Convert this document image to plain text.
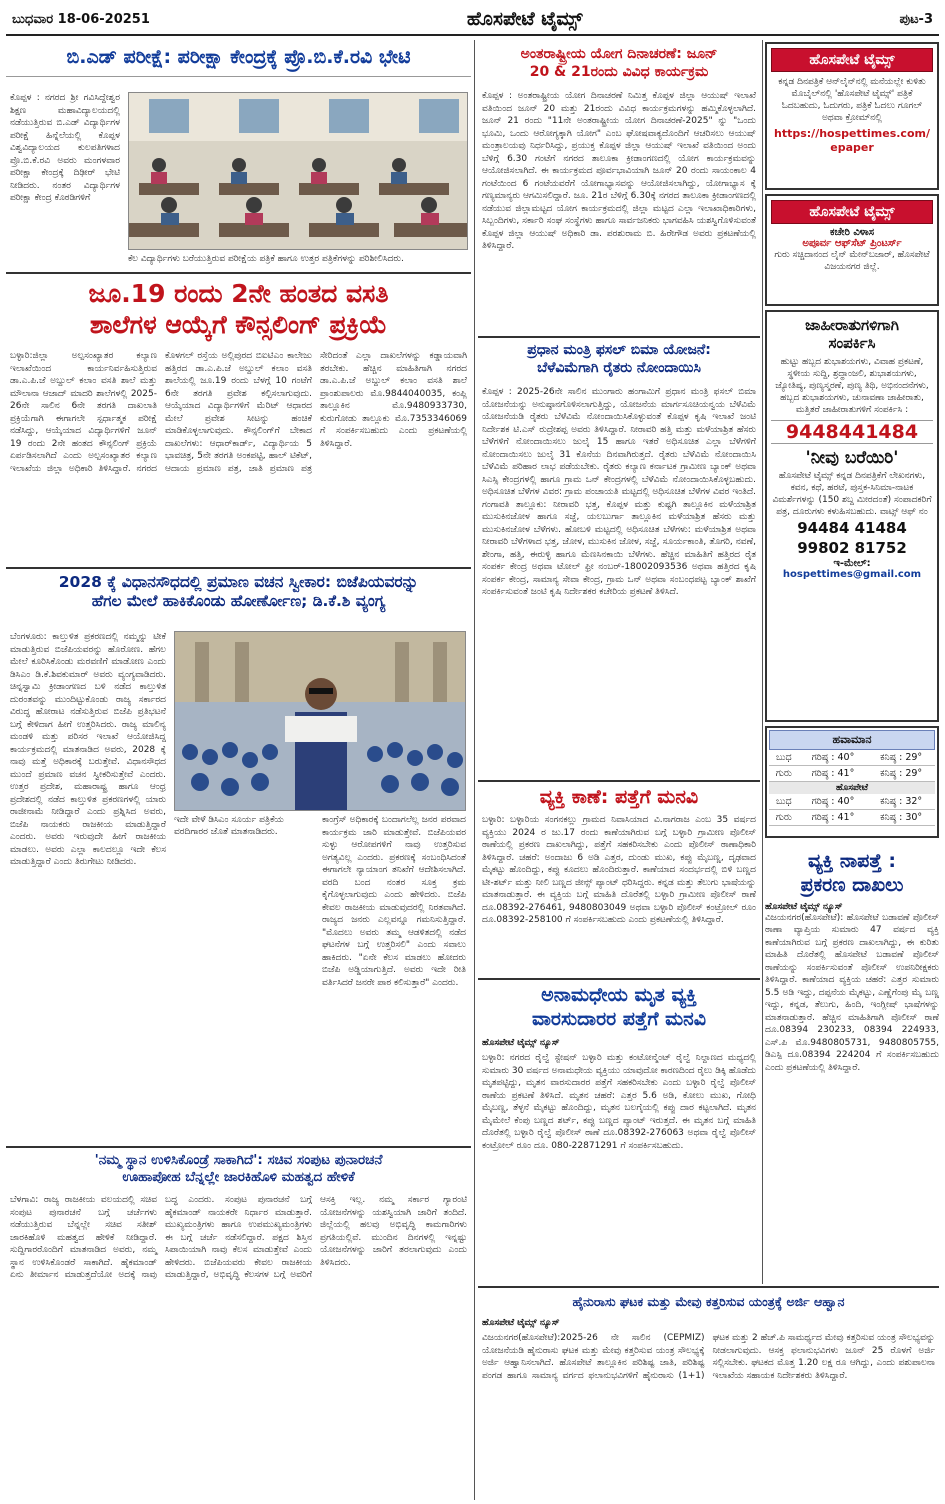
ಬುಧವಾರ 18-06-20251	ಹೊಸಪೇಟೆ ಟೈಮ್ಸ್	ಪುಟ-3
ಬಿ.ಎಡ್ ಪರೀಕ್ಷೆ: ಪರೀಕ್ಷಾ ಕೇಂದ್ರಕ್ಕೆ ಪ್ರೊ.ಬಿ.ಕೆ.ರವಿ ಭೇಟಿ
ಕೊಪ್ಪಳ : ನಗರದ ಶ್ರೀ ಗವಿಸಿದ್ದೇಶ್ವರ ಶಿಕ್ಷಣ ಮಹಾವಿದ್ಯಾಲಯದಲ್ಲಿ ನಡೆಯುತ್ತಿರುವ ಬಿ.ಎಡ್ ವಿದ್ಯಾರ್ಥಿಗಳ ಪರೀಕ್ಷೆ ಹಿನ್ನೆಲೆಯಲ್ಲಿ ಕೊಪ್ಪಳ ವಿಶ್ವವಿದ್ಯಾಲಯದ ಕುಲಪತಿಗಳಾದ ಪ್ರೊ.ಬಿ.ಕೆ.ರವಿ ಅವರು ಮಂಗಳವಾರ ಪರೀಕ್ಷಾ ಕೇಂದ್ರಕ್ಕೆ ದಿಢೀರ್ ಭೇಟಿ ನೀಡಿದರು. ನಂತರ ವಿದ್ಯಾರ್ಥಿಗಳ ಪರೀಕ್ಷಾ ಕೇಂದ್ರ ಕೊಠಡಿಗಳಿಗೆ
ಕೆಲ ವಿದ್ಯಾರ್ಥಿಗಳು ಬರೆಯುತ್ತಿರುವ ಪರೀಕ್ಷೆಯ ಪತ್ರಿಕೆ ಹಾಗೂ ಉತ್ತರ ಪತ್ರಿಕೆಗಳನ್ನು ಪರಿಶೀಲಿಸಿದರು.
ಜೂ.19 ರಂದು 2ನೇ ಹಂತದ ವಸತಿ
ಶಾಲೆಗಳ ಆಯ್ಕೆಗೆ ಕೌನ್ಸಲಿಂಗ್ ಪ್ರಕ್ರಿಯೆ
ಬಳ್ಳಾರಿ:ಜಿಲ್ಲಾ ಅಲ್ಪಸಂಖ್ಯಾತರ ಕಲ್ಯಾಣ ಇಲಾಖೆಯಿಂದ ಕಾರ್ಯನಿರ್ವಹಿಸುತ್ತಿರುವ ಡಾ.ಎ.ಪಿ.ಜೆ ಅಬ್ದುಲ್ ಕಲಾಂ ವಸತಿ ಶಾಲೆ ಮತ್ತು ಮೌಲಾನಾ ಆಜಾದ್ ಮಾದರಿ ಶಾಲೆಗಳಲ್ಲಿ 2025-26ನೇ ಸಾಲಿನ 6ನೇ ತರಗತಿ ದಾಖಲಾತಿ ಪ್ರಕ್ರಿಯೆಗಾಗಿ ಈಗಾಗಲೇ ಸ್ಪರ್ಧಾತ್ಮಕ ಪರೀಕ್ಷೆ ನಡೆಸಿದ್ದು, ಆಯ್ಕೆಯಾದ ವಿದ್ಯಾರ್ಥಿಗಳಿಗೆ ಜೂನ್ 19 ರಂದು 2ನೇ ಹಂತದ ಕೌನ್ಸಲಿಂಗ್ ಪ್ರಕ್ರಿಯೆ ಏರ್ಪಡಿಸಲಾಗಿದೆ ಎಂದು ಅಲ್ಪಸಂಖ್ಯಾತರ ಕಲ್ಯಾಣ ಇಲಾಖೆಯ ಜಿಲ್ಲಾ ಅಧಿಕಾರಿ ತಿಳಿಸಿದ್ದಾರೆ. ನಗರದ ಕೊಳಗಲ್ ರಸ್ತೆಯ ಅಲ್ಲಿಪುರದ ಬಿಐಟಿಎಂ ಕಾಲೇಜು ಹತ್ತಿರದ ಡಾ.ಎ.ಪಿ.ಜೆ ಅಬ್ದುಲ್ ಕಲಾಂ ವಸತಿ ಶಾಲೆಯಲ್ಲಿ ಜೂ.19 ರಂದು ಬೆಳಗ್ಗೆ 10 ಗಂಟೆಗೆ 6ನೇ ತರಗತಿ ಪ್ರವೇಶ ಕಲ್ಪಿಸಲಾಗುವುದು. ಆಯ್ಕೆಯಾದ ವಿದ್ಯಾರ್ಥಿಗಳಿಗೆ ಮೆರಿಟ್ ಆಧಾರದ ಮೇಲೆ ಪ್ರವೇಶ ಸೀಟನ್ನು ಹಂಚಿಕೆ ಮಾಡಿಕೊಳ್ಳಲಾಗುವುದು. ಕೌನ್ಸಲಿಂಗ್‌ಗೆ ಬೇಕಾದ ದಾಖಲೆಗಳು: ಆಧಾರ್‌ಕಾರ್ಡ್, ವಿದ್ಯಾರ್ಥಿಯ 5 ಭಾವಚಿತ್ರ, 5ನೇ ತರಗತಿ ಅಂಕಪಟ್ಟಿ, ಹಾಲ್ ಟಿಕೆಟ್, ಆದಾಯ ಪ್ರಮಾಣ ಪತ್ರ, ಜಾತಿ ಪ್ರಮಾಣ ಪತ್ರ ಸೇರಿದಂತೆ ಎಲ್ಲಾ ದಾಖಲೆಗಳನ್ನು ಕಡ್ಡಾಯವಾಗಿ ತರಬೇಕು. ಹೆಚ್ಚಿನ ಮಾಹಿತಿಗಾಗಿ ನಗರದ ಡಾ.ಎ.ಪಿ.ಜೆ ಅಬ್ದುಲ್ ಕಲಾಂ ವಸತಿ ಶಾಲೆ ಪ್ರಾಂಶುಪಾಲರು ಮೊ.9844040035, ಕಂಪ್ಲಿ ತಾಲ್ಲೂಕಿನ ಮೊ.9480933730, ಕುರುಗೋಡು ತಾಲ್ಲೂಕು ಮೊ.7353346069 ಗೆ ಸಂಪರ್ಕಿಸಬಹುದು ಎಂದು ಪ್ರಕಟಣೆಯಲ್ಲಿ ತಿಳಿಸಿದ್ದಾರೆ.
2028 ಕ್ಕೆ ವಿಧಾನಸೌಧದಲ್ಲಿ ಪ್ರಮಾಣ ವಚನ ಸ್ವೀಕಾರ: ಬಿಜೆಪಿಯವರನ್ನು
ಹೆಗಲ ಮೇಲೆ ಹಾಕಿಕೊಂಡು ಹೋರ್ಣೋಣ; ಡಿ.ಕೆ.ಶಿ ವ್ಯಂಗ್ಯ
ಬೆಂಗಳೂರು: ಕಾಲ್ತುಳಿತ ಪ್ರಕರಣದಲ್ಲಿ ನಮ್ಮನ್ನು ಟೀಕೆ ಮಾಡುತ್ತಿರುವ ಬಿಜೆಪಿಯವರನ್ನು ಹೊರೋಣ. ಹೆಗಲ ಮೇಲೆ ಕೂರಿಸಿಕೊಂಡು ಮರವಣಿಗೆ ಮಾಡೋಣ ಎಂದು ಡಿಸಿಎಂ ಡಿ.ಕೆ.ಶಿವಕುಮಾರ್ ಅವರು ವ್ಯಂಗ್ಯವಾಡಿದರು. ಚಿನ್ನಸ್ವಾಮಿ ಕ್ರೀಡಾಂಗಣದ ಬಳಿ ನಡೆದ ಕಾಲ್ತುಳಿತ ದುರಂತವನ್ನು ಮುಂದಿಟ್ಟುಕೊಂಡು ರಾಜ್ಯ ಸರ್ಕಾರದ ವಿರುದ್ಧ ಹೋರಾಟ ನಡೆಸುತ್ತಿರುವ ಬಿಜೆಪಿ ಪ್ರತಿಭಟನೆ ಬಗ್ಗೆ ಕೇಳಿದಾಗ ಹೀಗೆ ಉತ್ತರಿಸಿದರು. ರಾಜ್ಯ ಮಾಲಿನ್ಯ ಮಂಡಳಿ ಮತ್ತು ಪರಿಸರ ಇಲಾಖೆ ಆಯೋಜಿಸಿದ್ದ ಕಾರ್ಯಕ್ರಮದಲ್ಲಿ ಮಾತನಾಡಿದ ಅವರು, 2028 ಕ್ಕೆ ನಾವು ಮತ್ತೆ ಅಧಿಕಾರಕ್ಕೆ ಬರುತ್ತೇವೆ. ವಿಧಾನಸೌಧದ ಮುಂದೆ ಪ್ರಮಾಣ ವಚನ ಸ್ವೀಕರಿಸುತ್ತೇವೆ ಎಂದರು. ಉತ್ತರ ಪ್ರದೇಶ, ಮಹಾರಾಷ್ಟ್ರ ಹಾಗೂ ಆಂಧ್ರ ಪ್ರದೇಶದಲ್ಲಿ ನಡೆದ ಕಾಲ್ತುಳಿತ ಪ್ರಕರಣಗಳಲ್ಲಿ ಯಾರು ರಾಜೀನಾಮೆ ನೀಡಿದ್ದಾರೆ ಎಂದು ಪ್ರಶ್ನಿಸಿದ ಅವರು, ಬಿಜೆಪಿ ನಾಯಕರು ರಾಜಕೀಯ ಮಾಡುತ್ತಿದ್ದಾರೆ ಎಂದರು. ಅವರು ಇರುವುದೇ ಹೀಗೆ ರಾಜಕೀಯ ಮಾಡಲು. ಅವರು ಎಲ್ಲಾ ಕಾಲದಲ್ಲೂ ಇದೇ ಕೆಲಸ ಮಾಡುತ್ತಿದ್ದಾರೆ ಎಂದು ತಿರುಗೇಟು ನೀಡಿದರು.
ಇದೇ ವೇಳೆ ಡಿಸಿಎಂ ಸೂರ್ಯ ಪತ್ರಿಕೆಯ ವರದಿಗಾರರ ಜೊತೆ ಮಾತನಾಡಿದರು.
ಕಾಂಗ್ರೆಸ್ ಅಧಿಕಾರಕ್ಕೆ ಬಂದಾಗಲೆಲ್ಲ ಜನರ ಪರವಾದ ಕಾರ್ಯಕ್ರಮ ಜಾರಿ ಮಾಡುತ್ತೇವೆ. ಬಿಜೆಪಿಯವರ ಸುಳ್ಳು ಆರೋಪಗಳಿಗೆ ನಾವು ಉತ್ತರಿಸುವ ಅಗತ್ಯವಿಲ್ಲ ಎಂದರು. ಪ್ರಕರಣಕ್ಕೆ ಸಂಬಂಧಿಸಿದಂತೆ ಈಗಾಗಲೇ ನ್ಯಾಯಾಂಗ ತನಿಖೆಗೆ ಆದೇಶಿಸಲಾಗಿದೆ. ವರದಿ ಬಂದ ನಂತರ ಸೂಕ್ತ ಕ್ರಮ ಕೈಗೊಳ್ಳಲಾಗುವುದು ಎಂದು ಹೇಳಿದರು. ಬಿಜೆಪಿ ಕೇವಲ ರಾಜಕೀಯ ಮಾಡುವುದರಲ್ಲಿ ನಿರತವಾಗಿದೆ. ರಾಜ್ಯದ ಜನರು ಎಲ್ಲವನ್ನೂ ಗಮನಿಸುತ್ತಿದ್ದಾರೆ. "ಮೊದಲು ಅವರು ತಮ್ಮ ಆಡಳಿತದಲ್ಲಿ ನಡೆದ ಘಟನೆಗಳ ಬಗ್ಗೆ ಉತ್ತರಿಸಲಿ" ಎಂದು ಸವಾಲು ಹಾಕಿದರು. "ಏನೇ ಕೆಲಸ ಮಾಡಲು ಹೋದರು ಬಿಜೆಪಿ ಅಡ್ಡಿಯಾಗುತ್ತಿದೆ. ಅವರು ಇದೇ ರೀತಿ ವರ್ತಿಸಿದರೆ ಜನರೇ ಪಾಠ ಕಲಿಸುತ್ತಾರೆ" ಎಂದರು.
'ನಮ್ಮ ಸ್ಥಾನ ಉಳಿಸಿಕೊಂಡ್ರೆ ಸಾಕಾಗಿದೆ': ಸಚಿವ ಸಂಪುಟ ಪುನಾರಚನೆ
ಊಹಾಪೋಹ ಬೆನ್ನಲ್ಲೇ ಜಾರಕಿಹೊಳಿ ಮಹತ್ವದ ಹೇಳಿಕೆ
ಬೆಳಗಾವಿ: ರಾಜ್ಯ ರಾಜಕೀಯ ವಲಯದಲ್ಲಿ ಸಚಿವ ಸಂಪುಟ ಪುನಾರಚನೆ ಬಗ್ಗೆ ಚರ್ಚೆಗಳು ನಡೆಯುತ್ತಿರುವ ಬೆನ್ನಲ್ಲೇ ಸಚಿವ ಸತೀಶ್ ಜಾರಕಿಹೊಳಿ ಮಹತ್ವದ ಹೇಳಿಕೆ ನೀಡಿದ್ದಾರೆ. ಸುದ್ದಿಗಾರರೊಂದಿಗೆ ಮಾತನಾಡಿದ ಅವರು, ನಮ್ಮ ಸ್ಥಾನ ಉಳಿಸಿಕೊಂಡರೆ ಸಾಕಾಗಿದೆ. ಹೈಕಮಾಂಡ್ ಏನು ತೀರ್ಮಾನ ಮಾಡುತ್ತದೆಯೋ ಅದಕ್ಕೆ ನಾವು ಬದ್ಧ ಎಂದರು. ಸಂಪುಟ ಪುನಾರಚನೆ ಬಗ್ಗೆ ಹೈಕಮಾಂಡ್ ನಾಯಕರೇ ನಿರ್ಧಾರ ಮಾಡುತ್ತಾರೆ. ಮುಖ್ಯಮಂತ್ರಿಗಳು ಹಾಗೂ ಉಪಮುಖ್ಯಮಂತ್ರಿಗಳು ಈ ಬಗ್ಗೆ ಚರ್ಚೆ ನಡೆಸಲಿದ್ದಾರೆ. ಪಕ್ಷದ ಶಿಸ್ತಿನ ಸಿಪಾಯಿಯಾಗಿ ನಾವು ಕೆಲಸ ಮಾಡುತ್ತೇವೆ ಎಂದು ಹೇಳಿದರು. ಬಿಜೆಪಿಯವರು ಕೇವಲ ರಾಜಕೀಯ ಮಾಡುತ್ತಿದ್ದಾರೆ, ಅಭಿವೃದ್ಧಿ ಕೆಲಸಗಳ ಬಗ್ಗೆ ಅವರಿಗೆ ಆಸಕ್ತಿ ಇಲ್ಲ. ನಮ್ಮ ಸರ್ಕಾರ ಗ್ಯಾರಂಟಿ ಯೋಜನೆಗಳನ್ನು ಯಶಸ್ವಿಯಾಗಿ ಜಾರಿಗೆ ತಂದಿದೆ. ಜಿಲ್ಲೆಯಲ್ಲಿ ಹಲವು ಅಭಿವೃದ್ಧಿ ಕಾಮಗಾರಿಗಳು ಪ್ರಗತಿಯಲ್ಲಿವೆ. ಮುಂದಿನ ದಿನಗಳಲ್ಲಿ ಇನ್ನಷ್ಟು ಯೋಜನೆಗಳನ್ನು ಜಾರಿಗೆ ತರಲಾಗುವುದು ಎಂದು ತಿಳಿಸಿದರು.
ಅಂತರಾಷ್ಟ್ರೀಯ ಯೋಗ ದಿನಾಚರಣೆ: ಜೂನ್
20 & 21ರಂದು ವಿವಿಧ ಕಾರ್ಯಕ್ರಮ
ಕೊಪ್ಪಳ : ಅಂತರಾಷ್ಟ್ರೀಯ ಯೋಗ ದಿನಾಚರಣೆ ನಿಮಿತ್ತ ಕೊಪ್ಪಳ ಜಿಲ್ಲಾ ಆಯುಷ್ ಇಲಾಖೆ ವತಿಯಿಂದ ಜೂನ್ 20 ಮತ್ತು 21ರಂದು ವಿವಿಧ ಕಾರ್ಯಕ್ರಮಗಳನ್ನು ಹಮ್ಮಿಕೊಳ್ಳಲಾಗಿದೆ. ಜೂನ್ 21 ರಂದು "11ನೇ ಅಂತರಾಷ್ಟ್ರೀಯ ಯೋಗ ದಿನಾಚರಣೆ-2025" ನ್ನು "ಒಂದು ಭೂಮಿ, ಒಂದು ಆರೋಗ್ಯಕ್ಕಾಗಿ ಯೋಗ" ಎಂಬ ಘೋಷವಾಕ್ಯದೊಂದಿಗೆ ಆಚರಿಸಲು ಆಯುಷ್ ಮಂತ್ರಾಲಯವು ನಿರ್ಧರಿಸಿದ್ದು, ಪ್ರಯುಕ್ತ ಕೊಪ್ಪಳ ಜಿಲ್ಲಾ ಆಯುಷ್ ಇಲಾಖೆ ವತಿಯಿಂದ ಅಂದು ಬೆಳಿಗ್ಗೆ 6.30 ಗಂಟೆಗೆ ನಗರದ ತಾಲೂಕಾ ಕ್ರೀಡಾಂಗಣದಲ್ಲಿ ಯೋಗ ಕಾರ್ಯಕ್ರಮವನ್ನು ಆಯೋಜಿಸಲಾಗಿದೆ. ಈ ಕಾರ್ಯಕ್ರಮದ ಪೂರ್ವಭಾವಿಯಾಗಿ ಜೂನ್ 20 ರಂದು ಸಾಯಂಕಾಲ 4 ಗಂಟೆಯಿಂದ 6 ಗಂಟೆಯವರೆಗೆ ಯೋಗಾಭ್ಯಾಸವನ್ನು ಆಯೋಜಿಸಲಾಗಿದ್ದು, ಯೋಗಾಭ್ಯಾಸ ಕ್ಕೆ ಗಣ್ಯಮಾನ್ಯರು ಆಗಮಿಸಲಿದ್ದಾರೆ. ಜೂ. 21ರ ಬೆಳಿಗ್ಗೆ 6.30ಕ್ಕೆ ನಗರದ ತಾಲೂಕಾ ಕ್ರೀಡಾಂಗಣದಲ್ಲಿ ನಡೆಯುವ ಜಿಲ್ಲಾಮಟ್ಟದ ಯೋಗ ಕಾರ್ಯಕ್ರಮದಲ್ಲಿ ಜಿಲ್ಲಾ ಮಟ್ಟದ ಎಲ್ಲಾ ಇಲಾಖಾಧಿಕಾರಿಗಳು, ಸಿಬ್ಬಂದಿಗಳು, ಸರ್ಕಾರಿ ಸಂಘ ಸಂಸ್ಥೆಗಳು ಹಾಗೂ ಸಾರ್ವಜನಿಕರು ಭಾಗವಹಿಸಿ ಯಶಸ್ವಿಗೊಳಿಸುವಂತೆ ಕೊಪ್ಪಳ ಜಿಲ್ಲಾ ಆಯುಷ್ ಅಧಿಕಾರಿ ಡಾ. ಪರಶುರಾಮ ಬಿ. ಹಿರೇಗೌಡ ಅವರು ಪ್ರಕಟಣೆಯಲ್ಲಿ ತಿಳಿಸಿದ್ದಾರೆ.
ಪ್ರಧಾನ ಮಂತ್ರಿ ಫಸಲ್ ಬಿಮಾ ಯೋಜನೆ:
ಬೆಳೆವಿಮೆಗಾಗಿ ರೈತರು ನೋಂದಾಯಿಸಿ
ಕೊಪ್ಪಳ : 2025-26ನೇ ಸಾಲಿನ ಮುಂಗಾರು ಹಂಗಾಮಿಗೆ ಪ್ರಧಾನ ಮಂತ್ರಿ ಫಸಲ್ ಬಿಮಾ ಯೋಜನೆಯನ್ನು ಅನುಷ್ಠಾನಗೊಳಿಸಲಾಗುತ್ತಿದ್ದು, ಯೋಜನೆಯ ಮಾರ್ಗಸೂಚಿಯನ್ವಯ ಬೆಳೆವಿಮೆ ಯೋಜನೆಯಡಿ ರೈತರು ಬೆಳೆವಿಮೆ ನೋಂದಾಯಿಸಿಕೊಳ್ಳುವಂತೆ ಕೊಪ್ಪಳ ಕೃಷಿ ಇಲಾಖೆ ಜಂಟಿ ನಿರ್ದೇಶಕ ಟಿ.ಎಸ್ ರುದ್ರೇಶಪ್ಪ ಅವರು ತಿಳಿಸಿದ್ದಾರೆ. ನೀರಾವರಿ ಹತ್ತಿ ಮತ್ತು ಮಳೆಯಾಶ್ರಿತ ಹೆಸರು ಬೆಳೆಗಳಿಗೆ ನೋಂದಾಯಿಸಲು ಜುಲೈ 15 ಹಾಗೂ ಇತರೆ ಅಧಿಸೂಚಿತ ಎಲ್ಲಾ ಬೆಳೆಗಳಿಗೆ ನೋಂದಾಯಿಸಲು ಜುಲೈ 31 ಕೊನೆಯ ದಿನವಾಗಿರುತ್ತದೆ. ರೈತರು ಬೆಳೆವಿಮೆ ನೋಂದಾಯಿಸಿ ಬೆಳೆವಿಮೆ ಪರಿಹಾರ ಲಾಭ ಪಡೆಯಬೇಕು. ರೈತರು ಕಲ್ಯಾಣ ಕರ್ನಾಟಕ ಗ್ರಾಮೀಣ ಬ್ಯಾಂಕ್ ಅಥವಾ ಸಿಎಸ್ಸಿ ಕೇಂದ್ರಗಳಲ್ಲಿ ಹಾಗೂ ಗ್ರಾಮ ಒನ್ ಕೇಂದ್ರಗಳಲ್ಲಿ ಬೆಳೆವಿಮೆ ನೋಂದಾಯಿಸಿಕೊಳ್ಳಬಹುದು. ಅಧಿಸೂಚಿತ ಬೆಳೆಗಳ ವಿವರ: ಗ್ರಾಮ ಪಂಚಾಯತಿ ಮಟ್ಟದಲ್ಲಿ ಅಧಿಸೂಚಿತ ಬೆಳೆಗಳ ವಿವರ ಇಂತಿದೆ. ಗಂಗಾವತಿ ತಾಲ್ಲೂಕು: ನೀರಾವರಿ ಭತ್ತ, ಕೊಪ್ಪಳ ಮತ್ತು ಕುಷ್ಟಗಿ ತಾಲ್ಲೂಕಿನ ಮಳೆಯಾಶ್ರಿತ ಮುಸುಕಿನಜೋಳ ಹಾಗೂ ಸಜ್ಜೆ, ಯಲಬುರ್ಗಾ ತಾಲ್ಲೂಕಿನ ಮಳೆಯಾಶ್ರಿತ ಹೆಸರು ಮತ್ತು ಮುಸುಕಿನಜೋಳ ಬೆಳೆಗಳು. ಹೋಬಳಿ ಮಟ್ಟದಲ್ಲಿ ಅಧಿಸೂಚಿತ ಬೆಳೆಗಳು: ಮಳೆಯಾಶ್ರಿತ ಅಥವಾ ನೀರಾವರಿ ಬೆಳೆಗಳಾದ ಭತ್ತ, ಜೋಳ, ಮುಸುಕಿನ ಜೋಳ, ಸಜ್ಜೆ, ಸೂರ್ಯಕಾಂತಿ, ತೊಗರಿ, ನವಣೆ, ಶೇಂಗಾ, ಹತ್ತಿ, ಈರುಳ್ಳಿ ಹಾಗೂ ಮೆಣಸಿನಕಾಯಿ ಬೆಳೆಗಳು. ಹೆಚ್ಚಿನ ಮಾಹಿತಿಗೆ ಹತ್ತಿರದ ರೈತ ಸಂಪರ್ಕ ಕೇಂದ್ರ ಅಥವಾ ಟೋಲ್ ಫ್ರೀ ನಂಬರ್-18002093536 ಅಥವಾ ಹತ್ತಿರದ ಕೃಷಿ ಸಂಪರ್ಕ ಕೇಂದ್ರ, ಸಾಮಾನ್ಯ ಸೇವಾ ಕೇಂದ್ರ, ಗ್ರಾಮ ಒನ್ ಅಥವಾ ಸಂಬಂಧಪಟ್ಟ ಬ್ಯಾಂಕ್ ಶಾಖೆಗೆ ಸಂಪರ್ಕಿಸುವಂತೆ ಜಂಟಿ ಕೃಷಿ ನಿರ್ದೇಶಕರ ಕಚೇರಿಯ ಪ್ರಕಟಣೆ ತಿಳಿಸಿದೆ.
ವ್ಯಕ್ತಿ ಕಾಣೆ: ಪತ್ತೆಗೆ ಮನವಿ
ಬಳ್ಳಾರಿ: ಬಳ್ಳಾರಿಯ ಸಂಗನಕಲ್ಲು ಗ್ರಾಮದ ನಿವಾಸಿಯಾದ ವಿ.ನಾಗರಾಜ ಎಂಬ 35 ವರ್ಷದ ವ್ಯಕ್ತಿಯು 2024 ರ ಜು.17 ರಂದು ಕಾಣೆಯಾಗಿರುವ ಬಗ್ಗೆ ಬಳ್ಳಾರಿ ಗ್ರಾಮೀಣ ಪೊಲೀಸ್ ಠಾಣೆಯಲ್ಲಿ ಪ್ರಕರಣ ದಾಖಲಾಗಿದ್ದು, ಪತ್ತೆಗೆ ಸಹಕರಿಸಬೇಕು ಎಂದು ಪೊಲೀಸ್ ಠಾಣಾಧಿಕಾರಿ ತಿಳಿಸಿದ್ದಾರೆ. ಚಹರೆ: ಅಂದಾಜು 6 ಅಡಿ ಎತ್ತರ, ದುಂಡು ಮುಖ, ಕಪ್ಪು ಮೈಬಣ್ಣ, ದೃಢವಾದ ಮೈಕಟ್ಟು ಹೊಂದಿದ್ದು, ಕಪ್ಪು ಕೂದಲು ಹೊಂದಿರುತ್ತಾರೆ. ಕಾಣೆಯಾದ ಸಂದರ್ಭದಲ್ಲಿ ಬಿಳಿ ಬಣ್ಣದ ಟೀ-ಶರ್ಟ್ ಮತ್ತು ನೀಲಿ ಬಣ್ಣದ ಜೀನ್ಸ್ ಪ್ಯಾಂಟ್ ಧರಿಸಿದ್ದರು. ಕನ್ನಡ ಮತ್ತು ತೆಲುಗು ಭಾಷೆಯನ್ನು ಮಾತನಾಡುತ್ತಾರೆ. ಈ ವ್ಯಕ್ತಿಯ ಬಗ್ಗೆ ಮಾಹಿತಿ ದೊರೆತಲ್ಲಿ ಬಳ್ಳಾರಿ ಗ್ರಾಮೀಣ ಪೊಲೀಸ್ ಠಾಣೆ ದೂ.08392-276461, 9480803049 ಅಥವಾ ಬಳ್ಳಾರಿ ಪೊಲೀಸ್ ಕಂಟ್ರೋಲ್ ರೂಂ ದೂ.08392-258100 ಗೆ ಸಂಪರ್ಕಿಸಬಹುದು ಎಂದು ಪ್ರಕಟಣೆಯಲ್ಲಿ ತಿಳಿಸಿದ್ದಾರೆ.
ಅನಾಮಧೇಯ ಮೃತ ವ್ಯಕ್ತಿ
ವಾರಸುದಾರರ ಪತ್ತೆಗೆ ಮನವಿ
ಹೊಸಪೇಟೆ ಟೈಮ್ಸ್ ನ್ಯೂಸ್
ಬಳ್ಳಾರಿ: ನಗರದ ರೈಲ್ವೆ ಸ್ಟೇಷನ್ ಬಳ್ಳಾರಿ ಮತ್ತು ಕಂಟೋನ್ಮೆಂಟ್ ರೈಲ್ವೆ ನಿಲ್ದಾಣದ ಮಧ್ಯದಲ್ಲಿ ಸುಮಾರು 30 ವರ್ಷದ ಅನಾಮಧೇಯ ವ್ಯಕ್ತಿಯು ಯಾವುದೋ ಕಾರಣದಿಂದ ರೈಲು ಡಿಕ್ಕಿ ಹೊಡೆದು ಮೃತಪಟ್ಟಿದ್ದು, ಮೃತನ ವಾರಸುದಾರರ ಪತ್ತೆಗೆ ಸಹಕರಿಸಬೇಕು ಎಂದು ಬಳ್ಳಾರಿ ರೈಲ್ವೆ ಪೊಲೀಸ್ ಠಾಣೆಯ ಪ್ರಕಟಣೆ ತಿಳಿಸಿದೆ. ಮೃತನ ಚಹರೆ: ಎತ್ತರ 5.6 ಅಡಿ, ಕೋಲು ಮುಖ, ಗೋಧಿ ಮೈಬಣ್ಣ, ತೆಳ್ಳನೆ ಮೈಕಟ್ಟು ಹೊಂದಿದ್ದು, ಮೃತನ ಬಲಗೈಯಲ್ಲಿ ಕಪ್ಪು ದಾರ ಕಟ್ಟಲಾಗಿದೆ. ಮೃತನ ಮೈಮೇಲೆ ಕೆಂಪು ಬಣ್ಣದ ಶರ್ಟ್, ಕಪ್ಪು ಬಣ್ಣದ ಪ್ಯಾಂಟ್ ಇರುತ್ತದೆ. ಈ ಮೃತನ ಬಗ್ಗೆ ಮಾಹಿತಿ ದೊರೆತಲ್ಲಿ ಬಳ್ಳಾರಿ ರೈಲ್ವೆ ಪೊಲೀಸ್ ಠಾಣೆ ದೂ.08392-276063 ಅಥವಾ ರೈಲ್ವೆ ಪೊಲೀಸ್ ಕಂಟ್ರೋಲ್ ರೂಂ ದೂ. 080-22871291 ಗೆ ಸಂಪರ್ಕಿಸಬಹುದು.
ಹೈನುರಾಸು ಘಟಕ ಮತ್ತು ಮೇವು ಕತ್ತರಿಸುವ ಯಂತ್ರಕ್ಕೆ ಅರ್ಜಿ ಆಹ್ವಾನ
ಹೊಸಪೇಟೆ ಟೈಮ್ಸ್ ನ್ಯೂಸ್
ವಿಜಯನಗರ(ಹೊಸಪೇಟೆ):2025-26 ನೇ ಸಾಲಿನ (CEPMIZ) ಯೋಜನೆಯಡಿ ಹೈನುರಾಸು ಘಟಕ ಮತ್ತು ಮೇವು ಕತ್ತರಿಸುವ ಯಂತ್ರ ಸೌಲಭ್ಯಕ್ಕೆ ಅರ್ಜಿ ಆಹ್ವಾನಿಸಲಾಗಿದೆ. ಹೊಸಪೇಟೆ ತಾಲ್ಲೂಕಿನ ಪರಿಶಿಷ್ಟ ಜಾತಿ, ಪರಿಶಿಷ್ಟ ಪಂಗಡ ಹಾಗೂ ಸಾಮಾನ್ಯ ವರ್ಗದ ಫಲಾನುಭವಿಗಳಿಗೆ ಹೈನುರಾಸು (1+1) ಘಟಕ ಮತ್ತು 2 ಹೆಚ್.ಪಿ ಸಾಮರ್ಥ್ಯದ ಮೇವು ಕತ್ತರಿಸುವ ಯಂತ್ರ ಸೌಲಭ್ಯವನ್ನು ನೀಡಲಾಗುವುದು. ಆಸಕ್ತ ಫಲಾನುಭವಿಗಳು ಜೂನ್ 25 ರೊಳಗೆ ಅರ್ಜಿ ಸಲ್ಲಿಸಬೇಕು. ಘಟಕದ ಮೊತ್ತ 1.20 ಲಕ್ಷ ರೂ ಆಗಿದ್ದು, ಎಂದು ಪಶುಪಾಲನಾ ಇಲಾಖೆಯ ಸಹಾಯಕ ನಿರ್ದೇಶಕರು ತಿಳಿಸಿದ್ದಾರೆ.
ಹೊಸಪೇಟೆ ಟೈಮ್ಸ್
ಕನ್ನಡ ದಿನಪತ್ರಿಕೆ ಆನ್‌ಲೈನ್‌ನಲ್ಲಿ ಮನೆಯಲ್ಲೇ ಕುಳಿತು ಮೊಬೈಲ್‌ನಲ್ಲಿ 'ಹೊಸಪೇಟೆ ಟೈಮ್ಸ್' ಪತ್ರಿಕೆ ಓದಬಹುದು, ಓದುಗರು, ಪತ್ರಿಕೆ ಓದಲು ಗೂಗಲ್ ಅಥವಾ ಕ್ರೋಮ್‌ನಲ್ಲಿ
https://hospettimes.com/epaper
ಹೊಸಪೇಟೆ ಟೈಮ್ಸ್
ಕಚೇರಿ ವಿಳಾಸ
ಅಪೂರ್ವ ಆಫ್‌ಸೆಟ್ ಪ್ರಿಂಟರ್ಸ್
ಗುರು ಸಚ್ಚಿದಾನಂದ ಲೈನ್ ಮೇನ್‌ಬಜಾರ್, ಹೊಸಪೇಟೆ ವಿಜಯನಗರ ಜಿಲ್ಲೆ.
ಜಾಹೀರಾತುಗಳಿಗಾಗಿ
ಸಂಪರ್ಕಿಸಿ
ಹುಟ್ಟು ಹಬ್ಬದ ಶುಭಾಶಯಗಳು, ವಿವಾಹ ಪ್ರಕಟಣೆ, ಸ್ಥಳೀಯ ಸುದ್ದಿ, ಶ್ರದ್ಧಾಂಜಲಿ, ಶುಭಾಶಯಗಳು, ಜ್ಯೋತಿಷ್ಯ, ಪುಣ್ಯಸ್ಮರಣೆ, ಪುಣ್ಯ ತಿಥಿ, ಅಭಿನಂದನೆಗಳು, ಹಬ್ಬದ ಶುಭಾಶಯಗಳು, ಚುನಾವಣಾ ಜಾಹೀರಾತು, ಮತ್ತಿತರೆ ಜಾಹೀರಾತುಗಳಿಗೆ ಸಂಪರ್ಕಿಸಿ :
9448441484
'ನೀವು ಬರೆಯಿರಿ'
ಹೊಸಪೇಟೆ ಟೈಮ್ಸ್ ಕನ್ನಡ ದಿನಪತ್ರಿಕೆಗೆ ಲೇಖನಗಳು, ಕವನ, ಕಥೆ, ಹರಟೆ, ಪುಸ್ತಕ-ಸಿನಿಮಾ-ನಾಟಕ ವಿಮರ್ಶೆಗಳನ್ನು (150 ಶಬ್ದ ಮೀರದಂತೆ) ಸಂಪಾದಕರಿಗೆ ಪತ್ರ, ದೂರುಗಳು ಕಳುಹಿಸಬಹುದು. ವಾಟ್ಸ್ ಆಫ್ ನಂ
94484 41484
99802 81752
ಇ-ಮೇಲ್: hospettimes@gmail.com
ಹವಾಮಾನ
ಬುಧ	ಗರಿಷ್ಠ : 40°	ಕನಿಷ್ಠ : 29°
ಗುರು	ಗರಿಷ್ಠ : 41°	ಕನಿಷ್ಠ : 29°
ಹೊಸಪೇಟೆ
ಬುಧ	ಗರಿಷ್ಠ : 40°	ಕನಿಷ್ಠ : 32°
ಗುರು	ಗರಿಷ್ಠ : 41°	ಕನಿಷ್ಠ : 30°
ವ್ಯಕ್ತಿ ನಾಪತ್ತೆ :
ಪ್ರಕರಣ ದಾಖಲು
ಹೊಸಪೇಟೆ ಟೈಮ್ಸ್ ನ್ಯೂಸ್
ವಿಜಯನಗರ(ಹೊಸಪೇಟೆ): ಹೊಸಪೇಟೆ ಬಡಾವಣೆ ಪೊಲೀಸ್ ಠಾಣಾ ವ್ಯಾಪ್ತಿಯ ಸುಮಾರು 47 ವರ್ಷದ ವ್ಯಕ್ತಿ ಕಾಣೆಯಾಗಿರುವ ಬಗ್ಗೆ ಪ್ರಕರಣ ದಾಖಲಾಗಿದ್ದು, ಈ ಕುರಿತು ಮಾಹಿತಿ ದೊರೆತಲ್ಲಿ ಹೊಸಪೇಟೆ ಬಡಾವಣೆ ಪೊಲೀಸ್ ಠಾಣೆಯನ್ನು ಸಂಪರ್ಕಿಸುವಂತೆ ಪೊಲೀಸ್ ಉಪನಿರೀಕ್ಷಕರು ತಿಳಿಸಿದ್ದಾರೆ. ಕಾಣೆಯಾದ ವ್ಯಕ್ತಿಯ ಚಹರೆ: ಎತ್ತರ ಸುಮಾರು 5.5 ಅಡಿ ಇದ್ದು, ದಪ್ಪನೆಯ ಮೈಕಟ್ಟು, ಎಣ್ಣೆಗೆಂಪು ಮೈ ಬಣ್ಣ ಇದ್ದು, ಕನ್ನಡ, ತೆಲುಗು, ಹಿಂದಿ, ಇಂಗ್ಲೀಷ್ ಭಾಷೆಗಳನ್ನು ಮಾತನಾಡುತ್ತಾರೆ. ಹೆಚ್ಚಿನ ಮಾಹಿತಿಗಾಗಿ ಪೊಲೀಸ್ ಠಾಣೆ ದೂ.08394 230233, 08394 224933, ಎಸ್.ಪಿ ಮೊ.9480805731, 9480805755, ಡಿಎಸ್ಪಿ ದೂ.08394 224204 ಗೆ ಸಂಪರ್ಕಿಸಬಹುದು ಎಂದು ಪ್ರಕಟಣೆಯಲ್ಲಿ ತಿಳಿಸಿದ್ದಾರೆ.
